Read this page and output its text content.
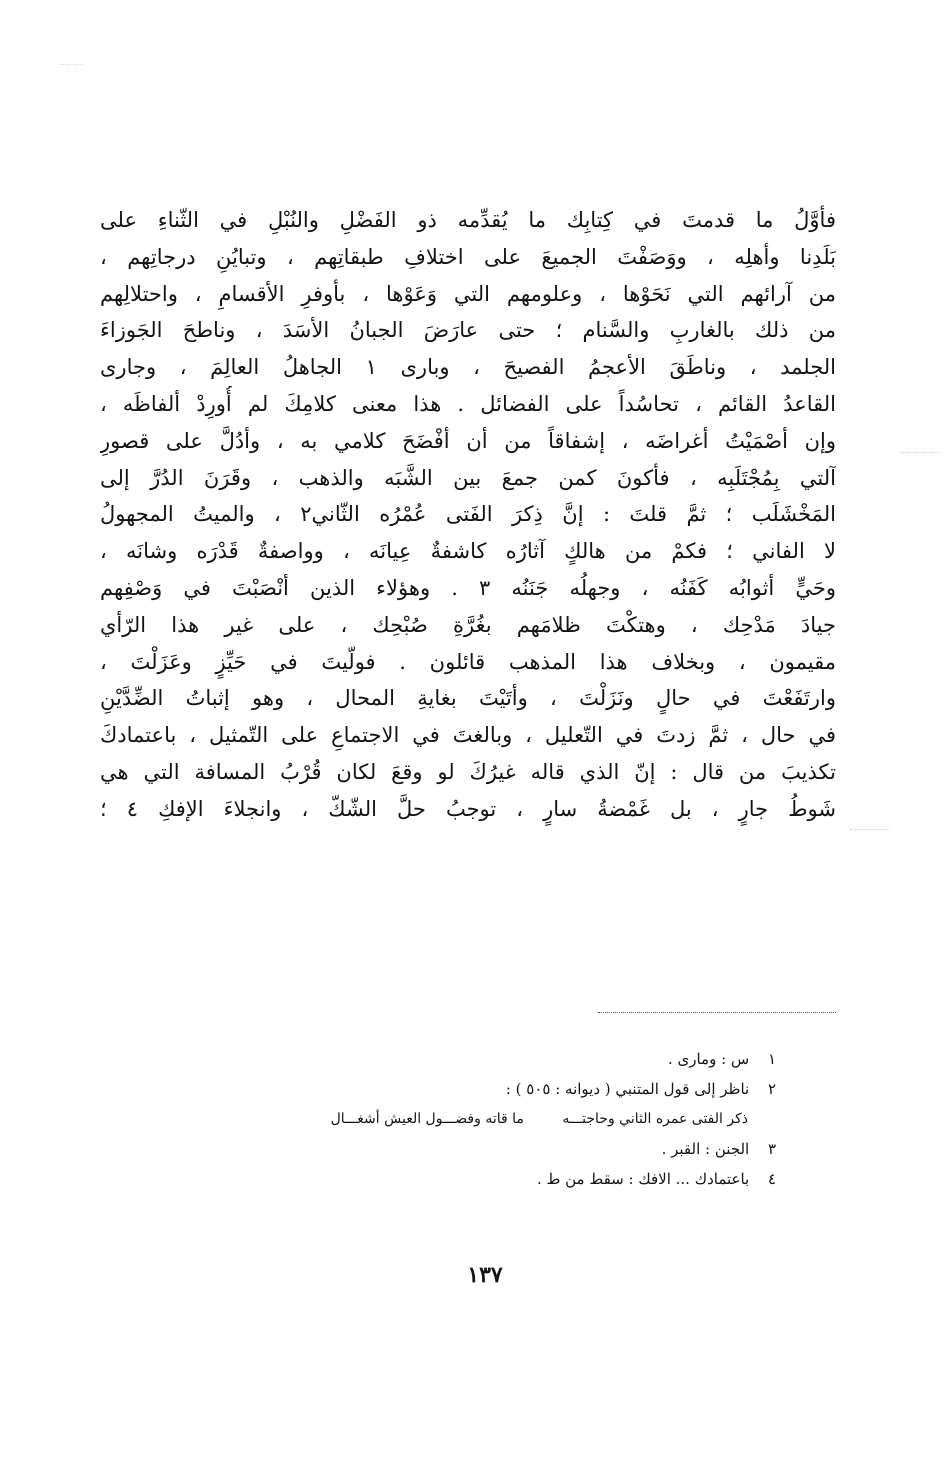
فأوَّلُ ما قدمتَ في كِتابِك ما يُقدِّمه ذو الفَضْلِ والنُبْلِ في الثّناءِ على
بَلَدِنا وأهلِه ، ووَصَفْتَ الجميعَ على اختلافِ طبقاتِهم ، وتبايُنِ درجاتِهم ،
من آرائهم التي نَحَوْها ، وعلومهم التي وَعَوْها ، بأوفرِ الأقسامِ ، واحتلالِهم
من ذلك بالغاربِ والسَّنام ؛ حتى عارَضَ الجبانُ الأسَدَ ، وناطحَ الجَوزاءَ
الجلمد ، وناطَقَ الأعجمُ الفصيحَ ، وبارى ١ الجاهلُ العالِمَ ، وجارى
القاعدُ القائم ، تحاسُداً على الفضائل . هذا معنى كلامِكَ لم أُورِدْ ألفاظَه ،
وإن أصْمَيْتُ أغراضَه ، إشفاقاً من أن أفْضَحَ كلامي به ، وأدُلَّ على قصورِ
آلتي بِمُجْتَلَبِه ، فأكونَ كمن جمعَ بين الشَّبَه والذهب ، وقَرَنَ الدُرَّ إلى
المَخْشَلَب ؛ ثمَّ قلتَ : إنَّ ذِكرَ الفَتى عُمْرُه الثّاني٢ ، والميتُ المجهولُ
لا الفاني ؛ فكمْ من هالكٍ آثارُه كاشفةٌ عِيانَه ، وواصفةٌ قَدْرَه وشانَه ،
وحَيٍّ أثوابُه كَفَنُه ، وجهلُه جَنَنُه ٣ . وهؤلاء الذين أنْصَبْتَ في وَصْفِهم
جيادَ مَدْحِك ، وهتكْتَ ظلامَهم بغُرَّةِ صُبْحِك ، على غير هذا الرّأي
مقيمون ، وبخلاف هذا المذهب قائلون . فولّيتَ في حَيِّزٍ وعَزَلْتَ ،
وارتَفَعْتَ في حالٍ ونَزَلْتَ ، وأتَيْتَ بغايةِ المحال ، وهو إثباتُ الضِّدَّيْنِ
في حال ، ثمَّ زدتَ في التّعليل ، وبالغتَ في الاجتماعِ على التّمثيل ، باعتمادكَ
تكذيبَ من قال : إنّ الذي قاله غيرُكَ لو وقعَ لكان قُرْبُ المسافة التي هي
شَوطُ جارٍ ، بل غَمْضةُ سارٍ ، توجبُ حلَّ الشّكّ ، وانجلاءَ الإفكِ ٤ ؛
١ س : ومارى .
٢ ناظر إلى قول المتنبي ( ديوانه : ٥٠٥ ) :
ذكر الفتى عمره الثاني وحاجتـــه ما قاته وفضـــول العيش أشغـــال
٣ الجنن : القبر .
٤ باعتمادك ... الافك : سقط من ط .
١٣٧
